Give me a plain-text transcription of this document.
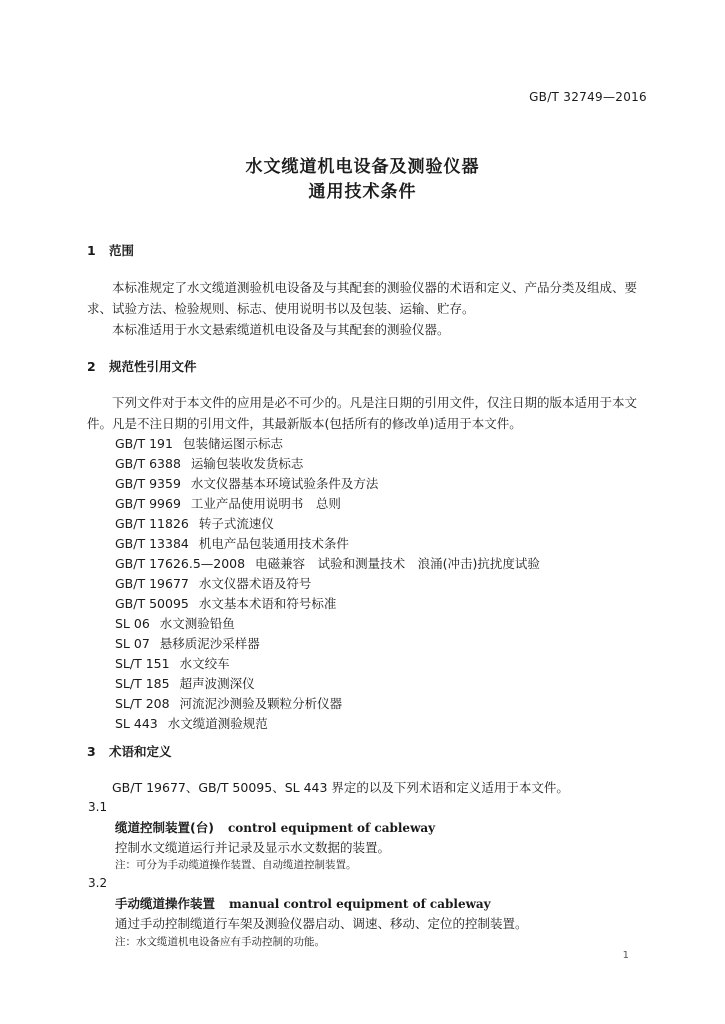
GB/T 32749—2016
水文缆道机电设备及测验仪器
通用技术条件
1 范围
本标准规定了水文缆道测验机电设备及与其配套的测验仪器的术语和定义、产品分类及组成、要
求、试验方法、检验规则、标志、使用说明书以及包装、运输、贮存。
本标准适用于水文悬索缆道机电设备及与其配套的测验仪器。
2 规范性引用文件
下列文件对于本文件的应用是必不可少的。凡是注日期的引用文件，仅注日期的版本适用于本文
件。凡是不注日期的引用文件，其最新版本(包括所有的修改单)适用于本文件。
GB/T 191 包装储运图示标志
GB/T 6388 运输包装收发货标志
GB/T 9359 水文仪器基本环境试验条件及方法
GB/T 9969 工业产品使用说明书　总则
GB/T 11826 转子式流速仪
GB/T 13384 机电产品包装通用技术条件
GB/T 17626.5—2008 电磁兼容　试验和测量技术　浪涌(冲击)抗扰度试验
GB/T 19677 水文仪器术语及符号
GB/T 50095 水文基本术语和符号标准
SL 06 水文测验铅鱼
SL 07 悬移质泥沙采样器
SL/T 151 水文绞车
SL/T 185 超声波测深仪
SL/T 208 河流泥沙测验及颗粒分析仪器
SL 443 水文缆道测验规范
3 术语和定义
GB/T 19677、GB/T 50095、SL 443 界定的以及下列术语和定义适用于本文件。
3.1
缆道控制装置(台) control equipment of cableway
控制水文缆道运行并记录及显示水文数据的装置。
注：可分为手动缆道操作装置、自动缆道控制装置。
3.2
手动缆道操作装置 manual control equipment of cableway
通过手动控制缆道行车架及测验仪器启动、调速、移动、定位的控制装置。
注：水文缆道机电设备应有手动控制的功能。
1
